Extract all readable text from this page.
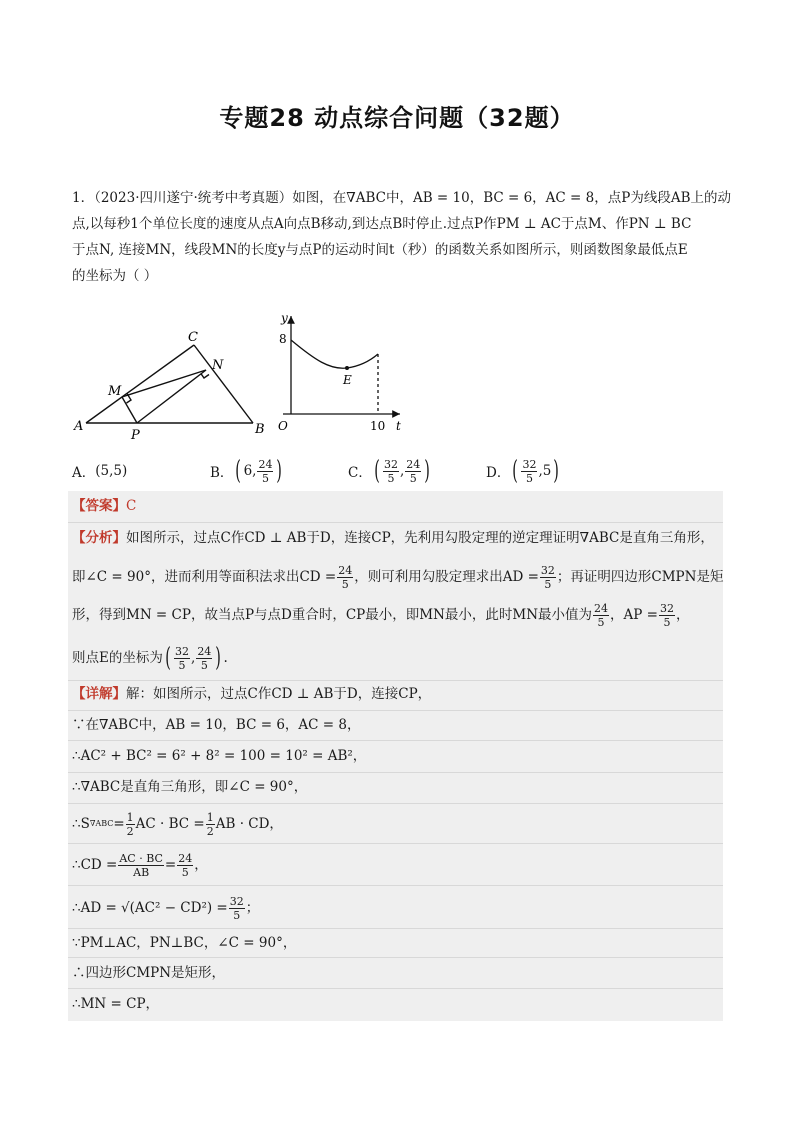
专题28 动点综合问题（32题）

1．（2023·四川遂宁·统考中考真题）如图，在∇ABC中，AB = 10，BC = 6，AC = 8，点P为线段AB上的动

点,以每秒1个单位长度的速度从点A向点B移动,到达点B时停止.过点P作PM ⊥ AC于点M、作PN ⊥ BC

于点N, 连接MN，线段MN的长度y与点P的运动时间t（秒）的函数关系如图所示，则函数图象最低点E

的坐标为（ ）

A	B
C
M
N
P
y
t
O
8
10
E
A． (5,5)	B． ( 6, $\frac{24}{5}$ )	C． ( $\frac{32}{5}$ , $\frac{24}{5}$ )	D． ( $\frac{32}{5} ,5$ )
【答案】 C
【分析】 如图所示，过点C作CD ⊥ AB于D，连接CP，先利用勾股定理的逆定理证明∇ABC是直角三角形，
即∠C = 90°，进而利用等面积法求出CD = $\frac{24}{5}$ ，则可利用勾股定理求出AD = $\frac{32}{5}$ ；再证明四边形CMPN是矩
形，得到MN = CP，故当点P与点D重合时，CP最小，即MN最小，此时MN最小值为 $\frac{24}{5}$ ，AP = $\frac{32}{5}$ ，
则点E的坐标为 ( $\frac{32}{5}$ , $\frac{24}{5}$ ) .
【详解】 解：如图所示，过点C作CD ⊥ AB于D，连接CP，
∵在∇ABC中，AB = 10，BC = 6，AC = 8，
∴AC² + BC² = 6² + 8² = 100 = 10² = AB²，
∴∇ABC是直角三角形，即∠C = 90°，
∴S $\nabla ABC = \frac{1}{2}$ AC · BC = $\frac{1}{2}$ AB · CD，
∴CD = $\frac{AC \cdot BC}{AB} = \frac{24}{5}$ ，
∴AD = $√(AC^2 - CD^2) = \frac{32}{5}$ ；
∵PM⊥AC，PN⊥BC，∠C = 90°，
∴四边形CMPN是矩形，
∴MN = CP，
